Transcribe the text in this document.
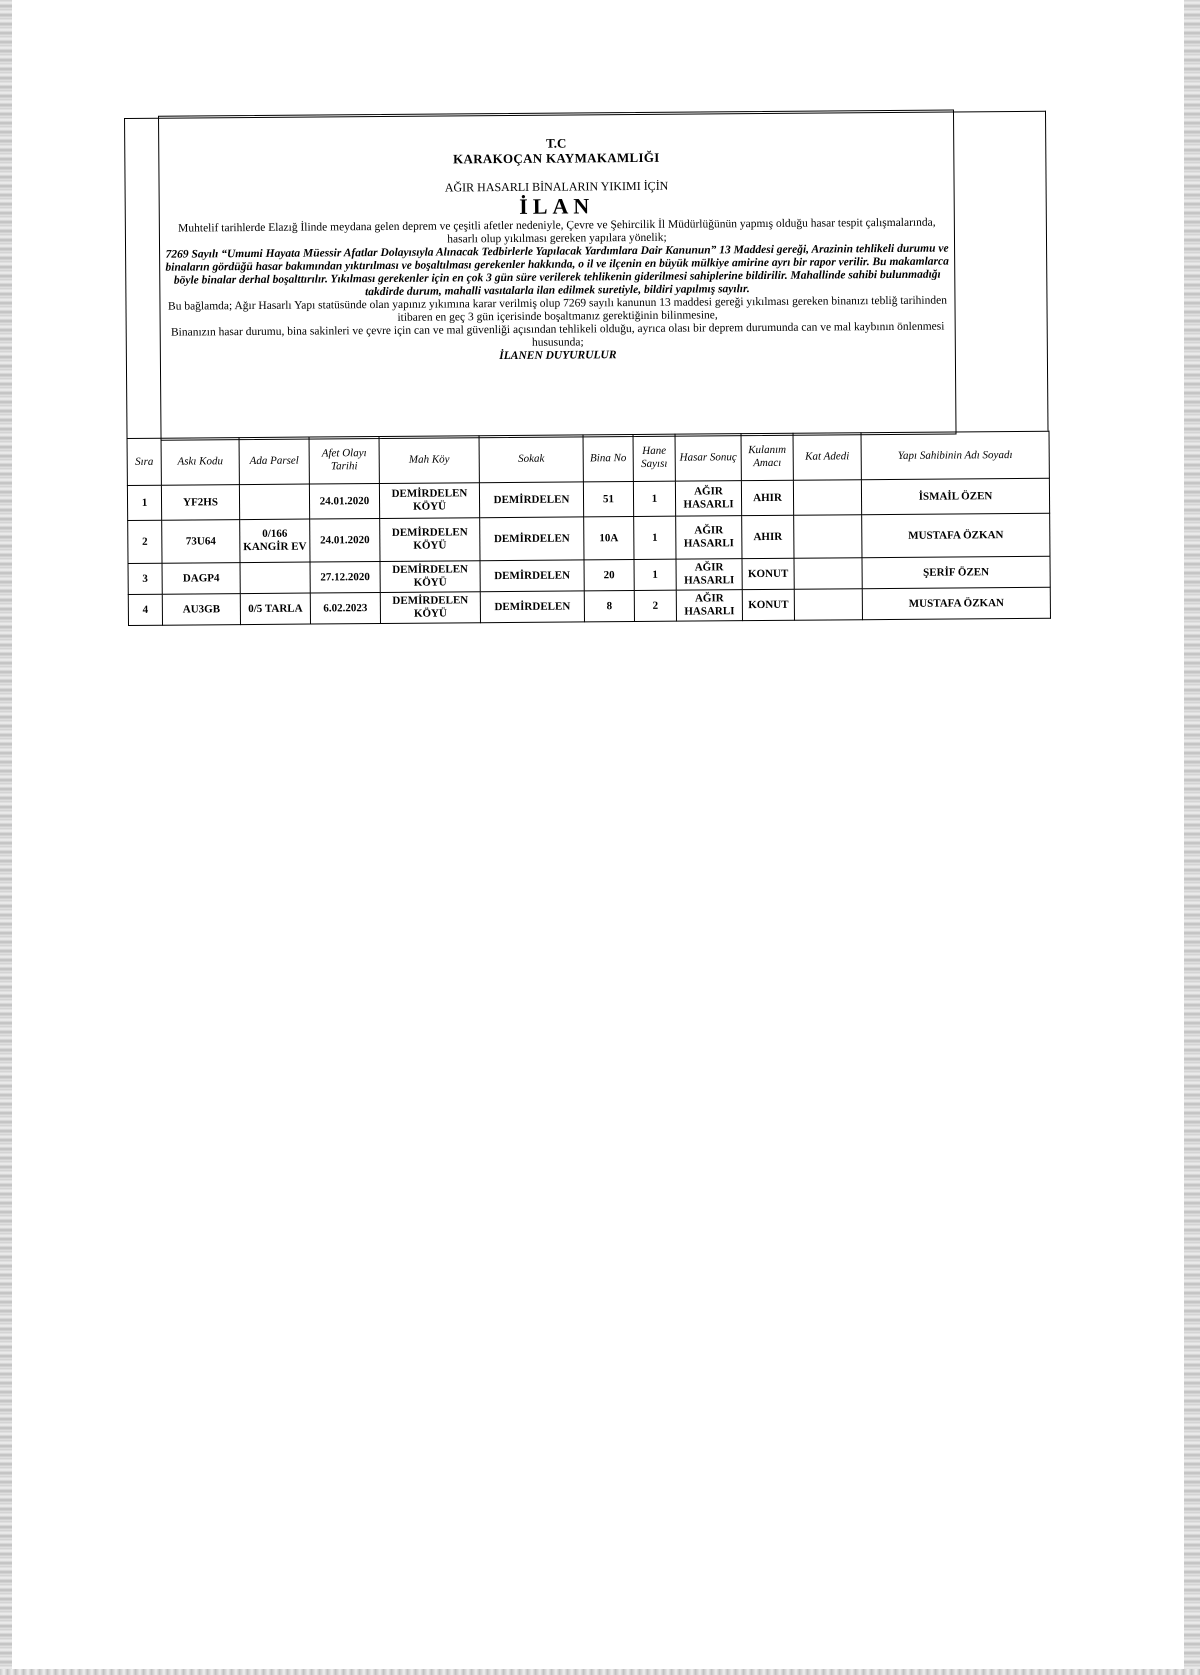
T.C
KARAKOÇAN KAYMAKAMLIĞI
AĞIR HASARLI BİNALARIN YIKIMI İÇİN
İLAN
Muhtelif tarihlerde Elazığ İlinde meydana gelen deprem ve çeşitli afetler nedeniyle, Çevre ve Şehircilik İl Müdürlüğünün yapmış olduğu hasar tespit çalışmalarında, hasarlı olup yıkılması gereken yapılara yönelik;
7269 Sayılı “Umumi Hayata Müessir Afatlar Dolayısıyla Alınacak Tedbirlerle Yapılacak Yardımlara Dair Kanunun” 13 Maddesi gereği, Arazinin tehlikeli durumu ve binaların gördüğü hasar bakımından yıktırılması ve boşaltılması gerekenler hakkında, o il ve ilçenin en büyük mülkiye amirine ayrı bir rapor verilir. Bu makamlarca böyle binalar derhal boşalttırılır. Yıkılması gerekenler için en çok 3 gün süre verilerek tehlikenin giderilmesi sahiplerine bildirilir. Mahallinde sahibi bulunmadığı takdirde durum, mahalli vasıtalarla ilan edilmek suretiyle, bildiri yapılmış sayılır.
Bu bağlamda; Ağır Hasarlı Yapı statüsünde olan yapınız yıkımına karar verilmiş olup 7269 sayılı kanunun 13 maddesi gereği yıkılması gereken binanızı tebliğ tarihinden itibaren en geç 3 gün içerisinde boşaltmanız gerektiğinin bilinmesine,
Binanızın hasar durumu, bina sakinleri ve çevre için can ve mal güvenliği açısından tehlikeli olduğu, ayrıca olası bir deprem durumunda can ve mal kaybının önlenmesi hususunda;
İLANEN DUYURULUR
Sıra	Askı Kodu	Ada Parsel	Afet Olayı Tarihi	Mah Köy	Sokak	Bina No	Hane Sayısı	Hasar Sonuç	Kulanım Amacı	Kat Adedi	Yapı Sahibinin Adı Soyadı
1	YF2HS		24.01.2020	DEMİRDELEN KÖYÜ	DEMİRDELEN	51	1	AĞIR HASARLI	AHIR		İSMAİL ÖZEN
2	73U64	0/166 KANGİR EV	24.01.2020	DEMİRDELEN KÖYÜ	DEMİRDELEN	10A	1	AĞIR HASARLI	AHIR		MUSTAFA ÖZKAN
3	DAGP4		27.12.2020	DEMİRDELEN KÖYÜ	DEMİRDELEN	20	1	AĞIR HASARLI	KONUT		ŞERİF ÖZEN
4	AU3GB	0/5 TARLA	6.02.2023	DEMİRDELEN KÖYÜ	DEMİRDELEN	8	2	AĞIR HASARLI	KONUT		MUSTAFA ÖZKAN
